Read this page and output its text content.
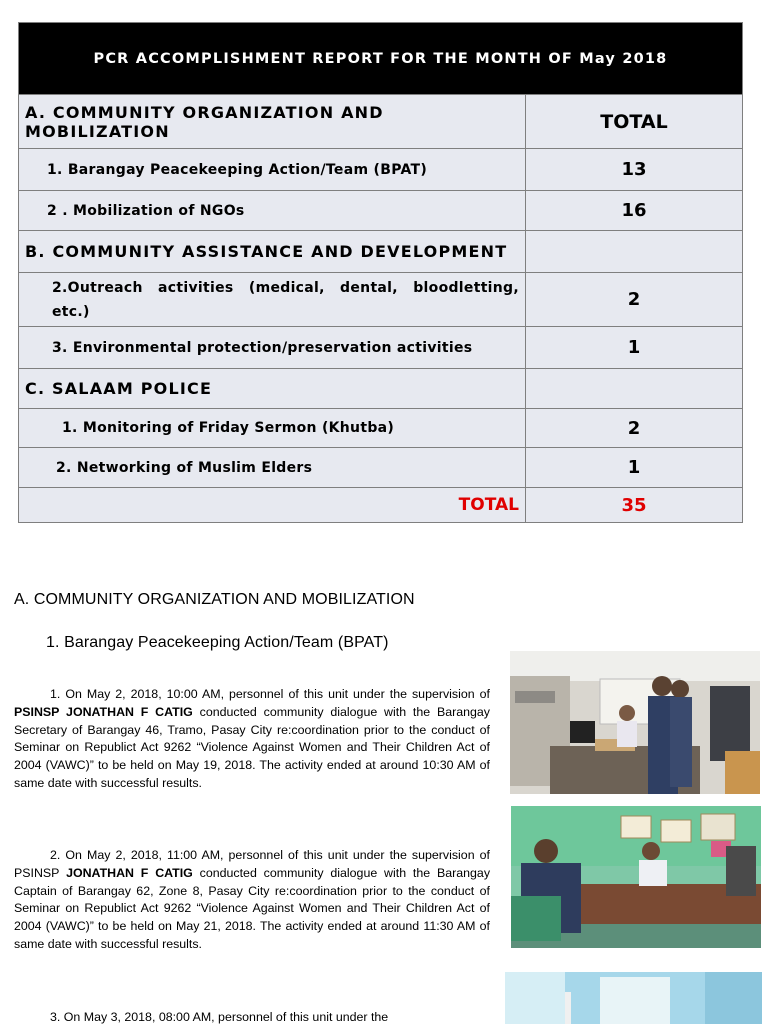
PCR ACCOMPLISHMENT REPORT FOR THE MONTH OF May 2018	
A. COMMUNITY ORGANIZATION AND MOBILIZATION	TOTAL
1. Barangay Peacekeeping Action/Team (BPAT)	13
2 . Mobilization of NGOs	16
B. COMMUNITY ASSISTANCE AND DEVELOPMENT	
2.Outreach activities (medical, dental, bloodletting, etc.)	2
3. Environmental protection/preservation activities	1
C. SALAAM POLICE	
1. Monitoring of Friday Sermon (Khutba)	2
2. Networking of Muslim Elders	1
TOTAL	35
A. COMMUNITY ORGANIZATION AND MOBILIZATION
1. Barangay Peacekeeping Action/Team (BPAT)
1. On May 2, 2018, 10:00 AM, personnel of this unit under the supervision of PSINSP JONATHAN F CATIG conducted community dialogue with the Barangay Secretary of Barangay 46, Tramo, Pasay City re:coordination prior to the conduct of Seminar on Republict Act 9262 “Violence Against Women and Their Children Act of 2004 (VAWC)” to be held on May 19, 2018. The activity ended at around 10:30 AM of same date with successful results.
2. On May 2, 2018, 11:00 AM, personnel of this unit under the supervision of PSINSP JONATHAN F CATIG conducted community dialogue with the Barangay Captain of Barangay 62, Zone 8, Pasay City re:coordination prior to the conduct of Seminar on Republict Act 9262 “Violence Against Women and Their Children Act of 2004 (VAWC)” to be held on May 21, 2018. The activity ended at around 11:30 AM of same date with successful results.
3. On May 3, 2018, 08:00 AM, personnel of this unit under the
